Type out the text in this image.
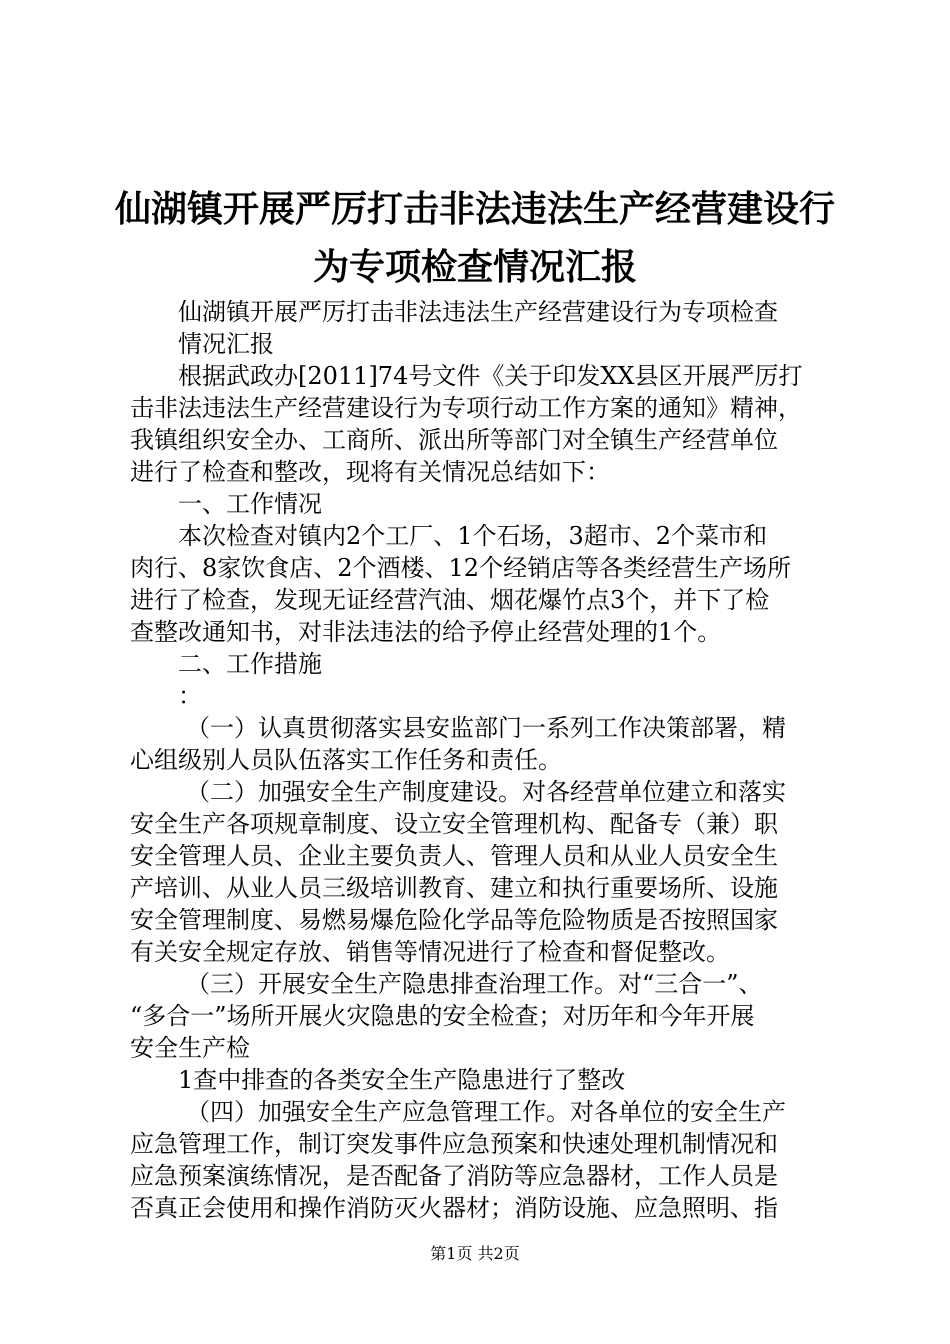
仙湖镇开展严厉打击非法违法生产经营建设行
为专项检查情况汇报
仙湖镇开展严厉打击非法违法生产经营建设行为专项检查
情况汇报
根据武政办[2011]74号文件《关于印发XX县区开展严厉打
击非法违法生产经营建设行为专项行动工作方案的通知》精神，
我镇组织安全办、工商所、派出所等部门对全镇生产经营单位
进行了检查和整改，现将有关情况总结如下：
一、工作情况
本次检查对镇内2个工厂、1个石场，3超市、2个菜市和
肉行、8家饮食店、2个酒楼、12个经销店等各类经营生产场所
进行了检查，发现无证经营汽油、烟花爆竹点3个，并下了检
查整改通知书，对非法违法的给予停止经营处理的1个。
二、工作措施
：
（一）认真贯彻落实县安监部门一系列工作决策部署，精
心组级别人员队伍落实工作任务和责任。
（二）加强安全生产制度建设。对各经营单位建立和落实
安全生产各项规章制度、设立安全管理机构、配备专（兼）职
安全管理人员、企业主要负责人、管理人员和从业人员安全生
产培训、从业人员三级培训教育、建立和执行重要场所、设施
安全管理制度、易燃易爆危险化学品等危险物质是否按照国家
有关安全规定存放、销售等情况进行了检查和督促整改。
（三）开展安全生产隐患排查治理工作。对“三合一”、
“多合一”场所开展火灾隐患的安全检查；对历年和今年开展
安全生产检
1查中排查的各类安全生产隐患进行了整改
（四）加强安全生产应急管理工作。对各单位的安全生产
应急管理工作，制订突发事件应急预案和快速处理机制情况和
应急预案演练情况，是否配备了消防等应急器材，工作人员是
否真正会使用和操作消防灭火器材；消防设施、应急照明、指
第1页 共2页
